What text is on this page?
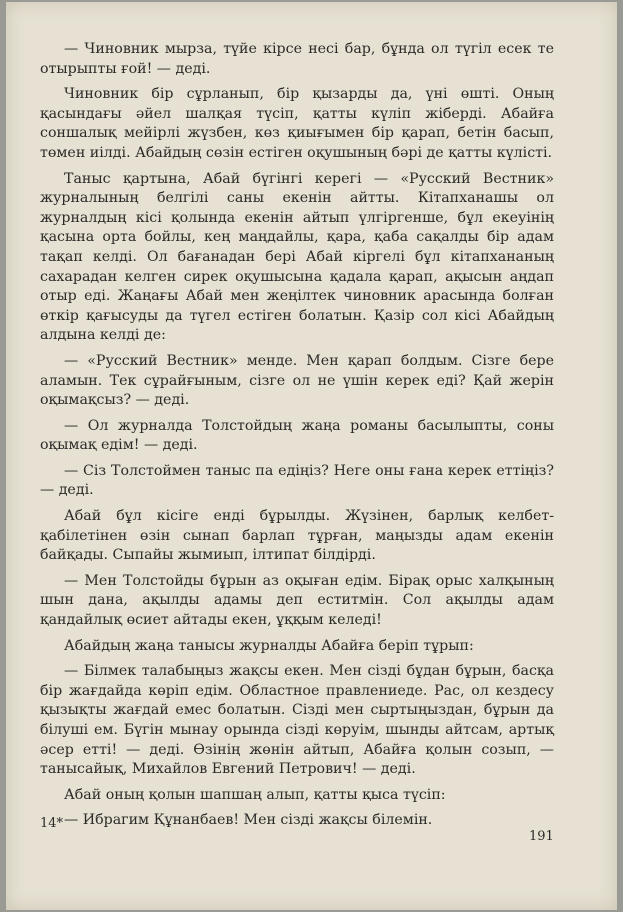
— Чиновник мырза, түйе кірсе несі бар, бұнда ол түгіл есек те отырыпты ғой! — деді.

Чиновник бір сұрланып, бір қызарды да, үні өшті. Оның қасындағы әйел шалқая түсіп, қатты күліп жіберді. Абайға соншалық мейірлі жүзбен, көз қиығымен бір қарап, бетін басып, төмен иілді. Абайдың сөзін естіген оқушының бәрі де қатты күлісті.

Таныс қартына, Абай бүгінгі керегі — «Русский Вестник» журналының белгілі саны екенін айтты. Кітапханашы ол журналдың кісі қолында екенін айтып үлгіргенше, бұл екеуінің қасына орта бойлы, кең маңдайлы, қара, қаба сақалды бір адам тақап келді. Ол бағанадан бері Абай кіргелі бұл кітапхананың сахарадан келген сирек оқушысына қадала қарап, ақысын аңдап отыр еді. Жаңағы Абай мен жеңілтек чиновник арасында болған өткір қағысуды да түгел естіген болатын. Қазір сол кісі Абайдың алдына келді де:

— «Русский Вестник» менде. Мен қарап болдым. Сізге бере аламын. Тек сұрайғыным, сізге ол не үшін керек еді? Қай жерін оқымақсыз? — деді.

— Ол журналда Толстойдың жаңа романы басылыпты, соны оқымақ едім! — деді.

— Сіз Толстоймен таныс па едіңіз? Неге оны ғана керек еттіңіз? — деді.

Абай бұл кісіге енді бұрылды. Жүзінен, барлық келбет-қабілетінен өзін сынап барлап тұрған, маңызды адам екенін байқады. Сыпайы жымиып, ілтипат білдірді.

— Мен Толстойды бұрын аз оқыған едім. Бірақ орыс халқының шын дана, ақылды адамы деп еститмін. Сол ақылды адам қандайлық өсиет айтады екен, ұққым келеді!

Абайдың жаңа танысы журналды Абайға беріп тұрып:

— Білмек талабыңыз жақсы екен. Мен сізді бұдан бұрын, басқа бір жағдайда көріп едім. Областное правлениеде. Рас, ол кездесу қызықты жағдай емес болатын. Сізді мен сыртыңыздан, бұрын да білуші ем. Бүгін мынау орында сізді көруім, шынды айтсам, артық әсер етті! — деді. Өзінің жөнін айтып, Абайға қолын созып, — танысайық, Михайлов Евгений Петрович! — деді.

Абай оның қолын шапшаң алып, қатты қыса түсіп:

— Ибрагим Құнанбаев! Мен сізді жақсы білемін.

14*
191
